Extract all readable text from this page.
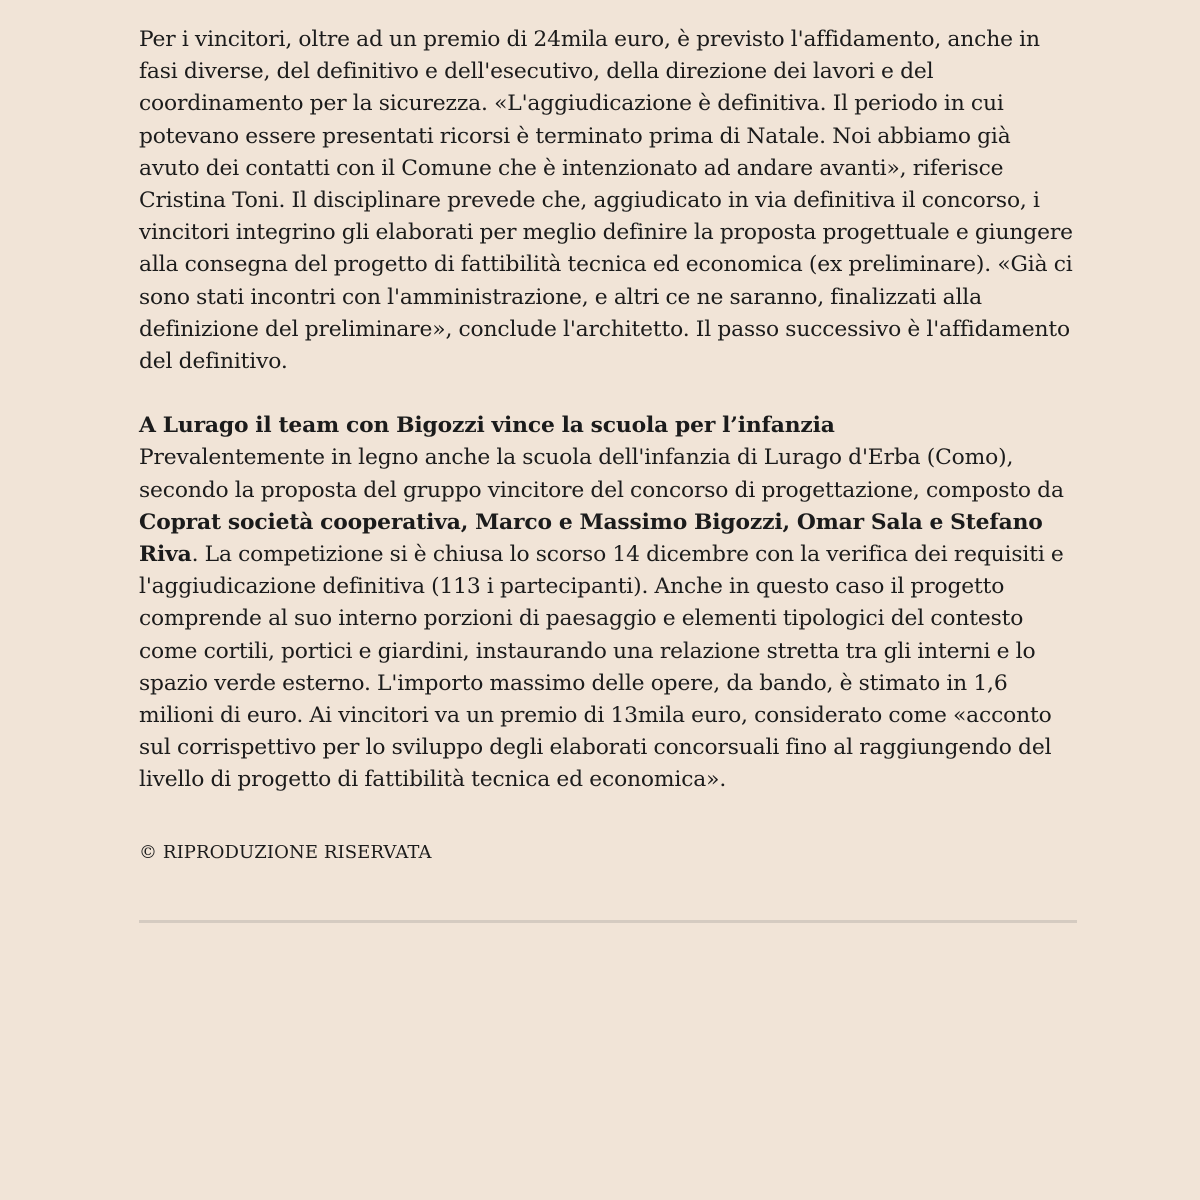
Per i vincitori, oltre ad un premio di 24mila euro, è previsto l'affidamento, anche in fasi diverse, del definitivo e dell'esecutivo, della direzione dei lavori e del coordinamento per la sicurezza. «L'aggiudicazione è definitiva. Il periodo in cui potevano essere presentati ricorsi è terminato prima di Natale. Noi abbiamo già avuto dei contatti con il Comune che è intenzionato ad andare avanti», riferisce Cristina Toni. Il disciplinare prevede che, aggiudicato in via definitiva il concorso, i vincitori integrino gli elaborati per meglio definire la proposta progettuale e giungere alla consegna del progetto di fattibilità tecnica ed economica (ex preliminare). «Già ci sono stati incontri con l'amministrazione, e altri ce ne saranno, finalizzati alla definizione del preliminare», conclude l'architetto. Il passo successivo è l'affidamento del definitivo.

A Lurago il team con Bigozzi vince la scuola per l’infanzia

Prevalentemente in legno anche la scuola dell'infanzia di Lurago d'Erba (Como), secondo la proposta del gruppo vincitore del concorso di progettazione, composto da Coprat società cooperativa, Marco e Massimo Bigozzi, Omar Sala e Stefano Riva. La competizione si è chiusa lo scorso 14 dicembre con la verifica dei requisiti e l'aggiudicazione definitiva (113 i partecipanti). Anche in questo caso il progetto comprende al suo interno porzioni di paesaggio e elementi tipologici del contesto come cortili, portici e giardini, instaurando una relazione stretta tra gli interni e lo spazio verde esterno. L'importo massimo delle opere, da bando, è stimato in 1,6 milioni di euro. Ai vincitori va un premio di 13mila euro, considerato come «acconto sul corrispettivo per lo sviluppo degli elaborati concorsuali fino al raggiungendo del livello di progetto di fattibilità tecnica ed economica».

© RIPRODUZIONE RISERVATA
